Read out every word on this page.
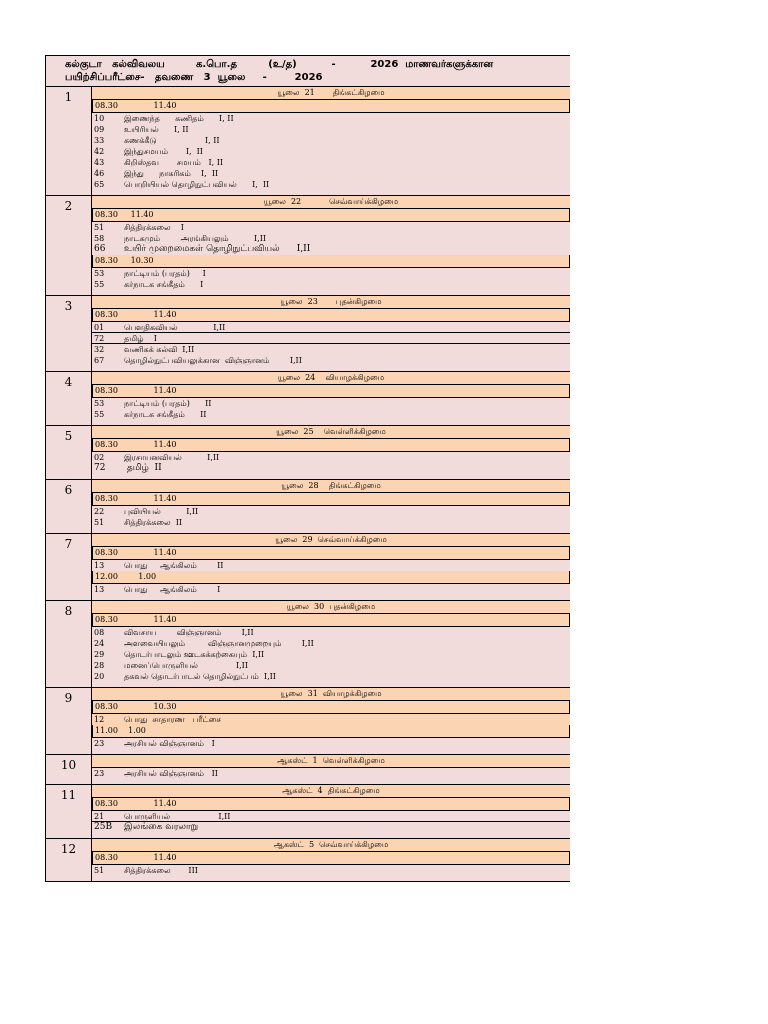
கல்குடா   கல்விவலய         க.பொ.த         (உ/த)          -          2026  மாணவர்களுக்கான
பயிற்சிப்பரீட்சை-   தவணை   3  யூலை     -        2026
1	யூலை  21       திங்கட்கிழமை
08.30              11.40
10 இணைந்த      கணிதம்      I, II
09 உயிரியல்      I, II
33 கணக்கீடு                   I, II
42 இந்துசமயம்       I,  II
43 கிறிஸ்தவ       சமயம்   I, II
46 இந்து      நாகரிகம்    I,  II
65 பொறியியல் தொழிநுட்பவியல்      I,  II
2	யூலை  22           செவ்வாய்க்கிழமை
08.30     11.40
51 சித்திரக்கலை    I
58 நாடகமும்        அரங்கியலும்          I,II
66 உயிர் முறைமைகள் தொழிநுட்பவியல்      I,II
08.30     10.30
53 நாட்டியம் (பரதம்)     I
55 கர்நாடக சங்கீதம்      I
3	யூலை  23       புதன்கிழமை
08.30              11.40
01 பௌதிகவியல்              I,II
72 தமிழ்    I
32 வணிகக் கல்வி  I,II
67 தொழில்நுட்பவியலுக்கான  விஞ்ஞானம்        I,II
4	யூலை  24    வியாழக்கிழமை
08.30              11.40
53 நாட்டியம் (பரதம்)      II
55 கர்நாடக சங்கீதம்      II
5	யூலை  25    வெள்ளிக்கிழமை
08.30              11.40
02 இரசாயனவியல்          I,II
72 தமிழ்  II
6	யூலை  28    திங்கட்கிழமை
08.30              11.40
22 புவியியல்          I,II
51 சித்திரக்கலை  II
7	யூலை  29  செவ்வாய்க்கிழமை
08.30              11.40
13 பொது     ஆங்கிலம்        II
12.00        1.00
13 பொது     ஆங்கிலம்        I
8	யூலை  30  புதன்கிழமை
08.30              11.40
08 விவசாய        விஞ்ஞானம்        I,II
24 அளவையியலும்         விஞ்ஞானமுறையும்        I,II
29 தொடர்பாடலும் ஊடகக்கற்கையும்  I,II
28 மனைப்பொருளியல்               I,II
20 தகவல் தொடர்பாடல் தொழில்நுட்பம்  I,II
9	யூலை  31  வியாழக்கிழமை
08.30              10.30
12 பொது  சாதாரண   பரீட்சை
11.00    1.00
23 அரசியல் விஞ்ஞானம்   I
10	ஆகஸ்ட்  1  வெள்ளிக்கிழமை
23 அரசியல் விஞ்ஞானம்   II
11	ஆகஸ்ட்  4  திங்கட்கிழமை
08.30              11.40
21 பொருளியல்                   I,II
25B இலங்கை வரலாறு
12	ஆகஸ்ட்  5  செவ்வாய்க்கிழமை
08.30              11.40
51 சித்திரக்கலை       III
